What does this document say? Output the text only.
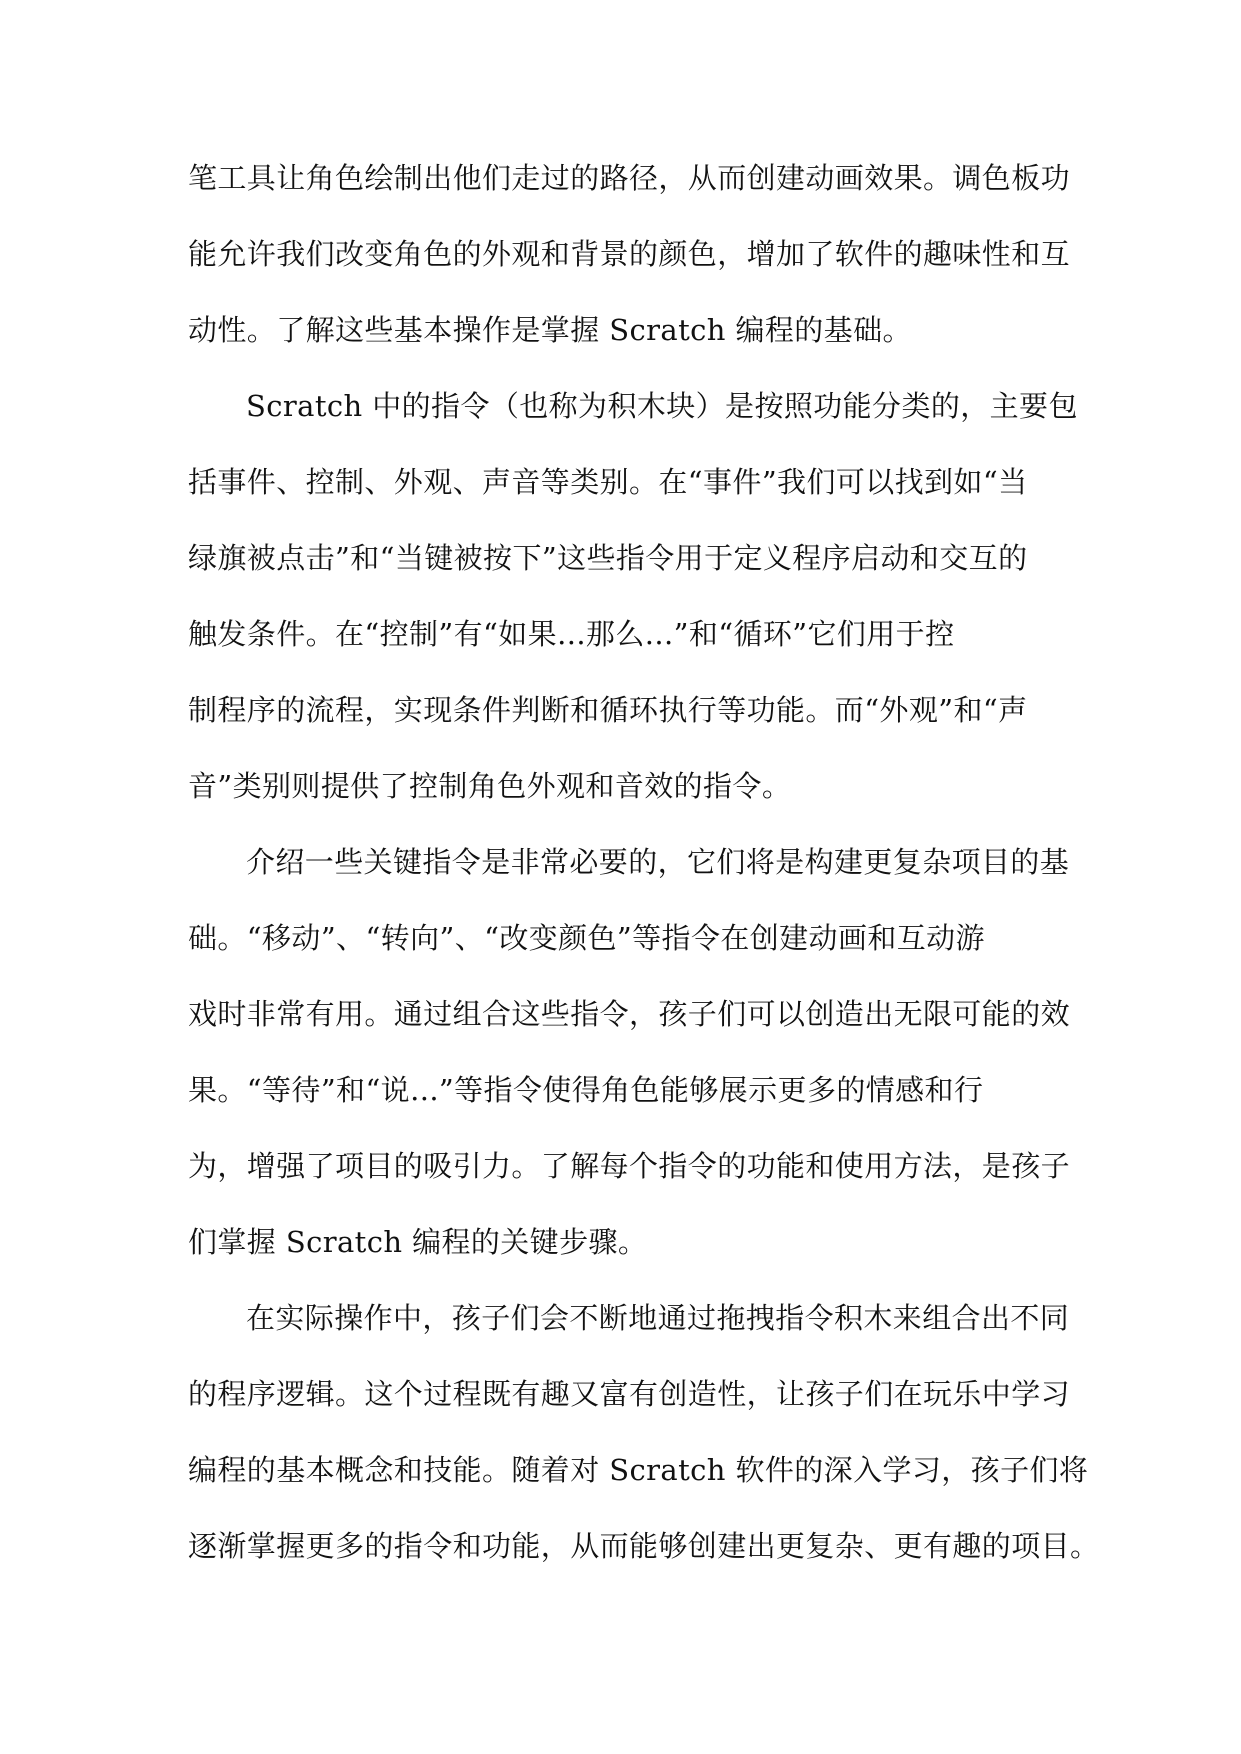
笔工具让角色绘制出他们走过的路径，从而创建动画效果。调色板功
能允许我们改变角色的外观和背景的颜色，增加了软件的趣味性和互
动性。了解这些基本操作是掌握 Scratch 编程的基础。
Scratch 中的指令（也称为积木块）是按照功能分类的，主要包
括事件、控制、外观、声音等类别。在“事件”我们可以找到如“当
绿旗被点击”和“当键被按下”这些指令用于定义程序启动和交互的
触发条件。在“控制”有“如果...那么...”和“循环”它们用于控
制程序的流程，实现条件判断和循环执行等功能。而“外观”和“声
音”类别则提供了控制角色外观和音效的指令。
介绍一些关键指令是非常必要的，它们将是构建更复杂项目的基
础。“移动”、“转向”、“改变颜色”等指令在创建动画和互动游
戏时非常有用。通过组合这些指令，孩子们可以创造出无限可能的效
果。“等待”和“说...”等指令使得角色能够展示更多的情感和行
为，增强了项目的吸引力。了解每个指令的功能和使用方法，是孩子
们掌握 Scratch 编程的关键步骤。
在实际操作中，孩子们会不断地通过拖拽指令积木来组合出不同
的程序逻辑。这个过程既有趣又富有创造性，让孩子们在玩乐中学习
编程的基本概念和技能。随着对 Scratch 软件的深入学习，孩子们将
逐渐掌握更多的指令和功能，从而能够创建出更复杂、更有趣的项目。
